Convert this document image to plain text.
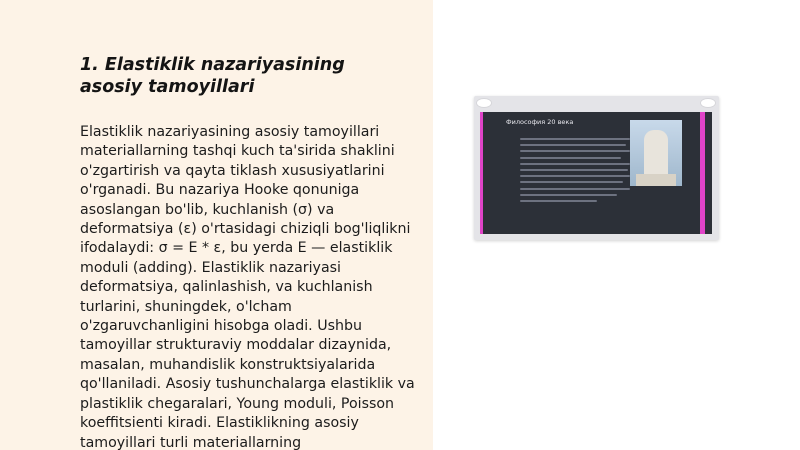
1. Elastiklik nazariyasining asosiy tamoyillari

Elastiklik nazariyasining asosiy tamoyillari materiallarning tashqi kuch ta'sirida shaklini o'zgartirish va qayta tiklash xususiyatlarini o'rganadi. Bu nazariya Hooke qonuniga asoslangan bo'lib, kuchlanish (σ) va deformatsiya (ε) o'rtasidagi chiziqli bog'liqlikni ifodalaydi: σ = E * ε, bu yerda E — elastiklik moduli (adding). Elastiklik nazariyasi deformatsiya, qalinlashish, va kuchlanish turlarini, shuningdek, o'lcham o'zgaruvchanligini hisobga oladi. Ushbu tamoyillar strukturaviy moddalar dizaynida, masalan, muhandislik konstruktsiyalarida qo'llaniladi. Asosiy tushunchalarga elastiklik va plastiklik chegaralari, Young moduli, Poisson koeffitsienti kiradi. Elastiklikning asosiy tamoyillari turli materiallarning

Философия 20 века
